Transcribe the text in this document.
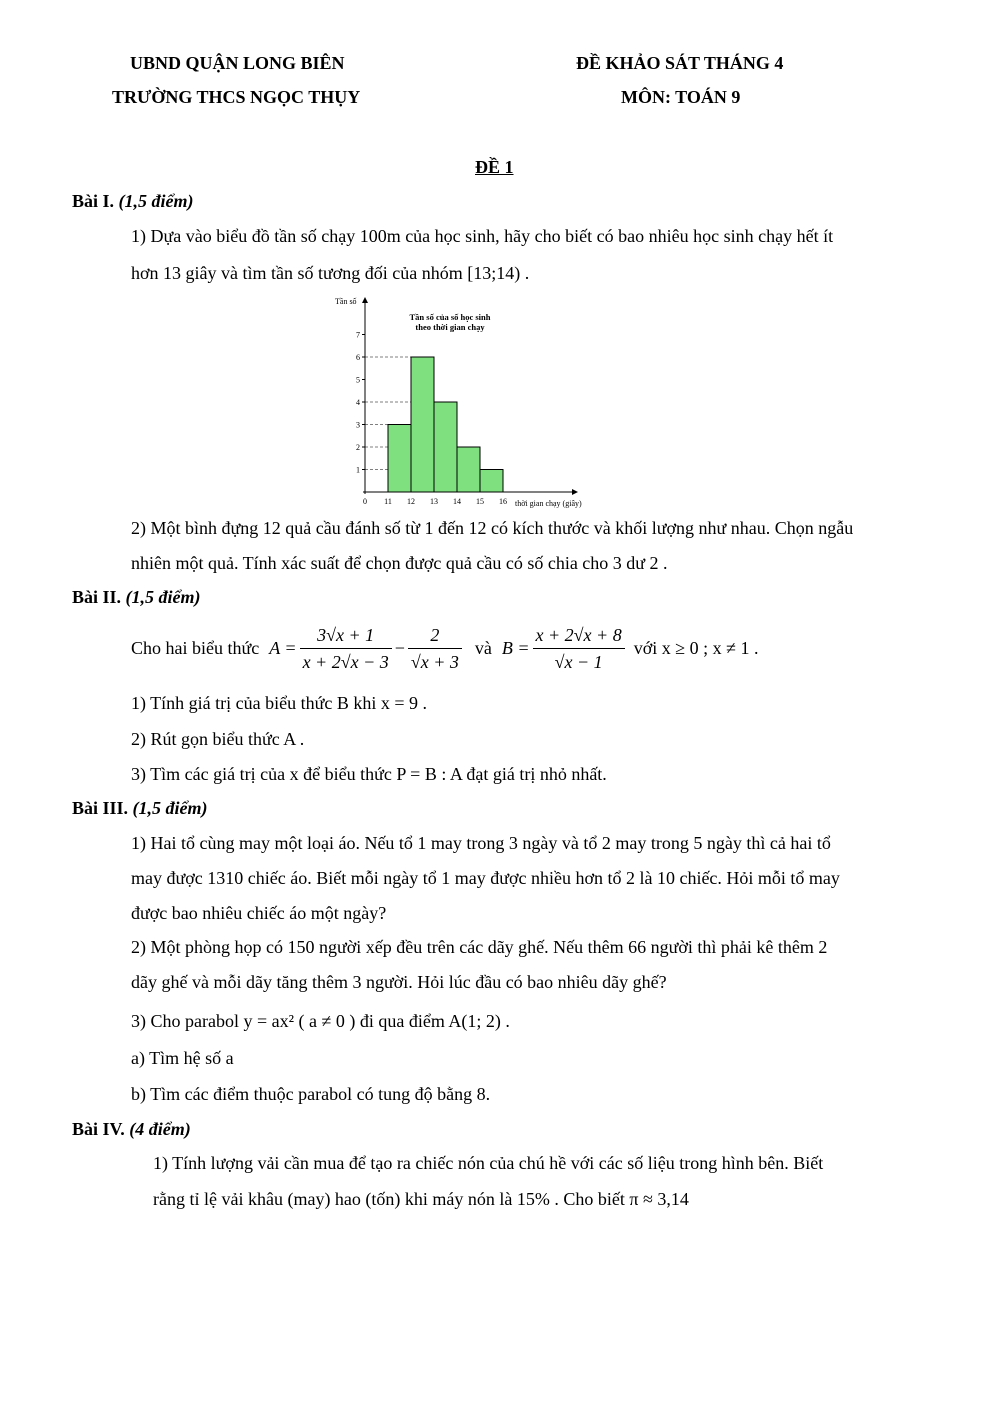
UBND QUẬN LONG BIÊN
TRƯỜNG THCS NGỌC THỤY
ĐỀ KHẢO SÁT THÁNG 4
MÔN: TOÁN 9
ĐỀ 1
Bài I. (1,5 điểm)
1) Dựa vào biểu đồ tần số chạy 100m của học sinh, hãy cho biết có bao nhiêu học sinh chạy hết ít
hơn 13 giây và tìm tần số tương đối của nhóm [13;14) .
1
2
3
4
5
6
7
0 11 12 13 14 15 16
Tần số
Tần số của số học sinh
theo thời gian chạy
thời gian chạy (giây)
2) Một bình đựng 12 quả cầu đánh số từ 1 đến 12 có kích thước và khối lượng như nhau. Chọn ngẫu
nhiên một quả. Tính xác suất để chọn được quả cầu có số chia cho 3 dư 2 .
Bài II. (1,5 điểm)
Cho hai biểu thức $A = \frac{3√x + 1}{x + 2√x - 3} - \frac{2}{√x + 3}$ và $B = \frac{x + 2√x + 8}{√x - 1}$ với x ≥ 0 ; x ≠ 1 .
1) Tính giá trị của biểu thức B khi x = 9 .
2) Rút gọn biểu thức A .
3) Tìm các giá trị của x để biểu thức P = B : A đạt giá trị nhỏ nhất.
Bài III. (1,5 điểm)
1) Hai tổ cùng may một loại áo. Nếu tổ 1 may trong 3 ngày và tổ 2 may trong 5 ngày thì cả hai tổ
may được 1310 chiếc áo. Biết mỗi ngày tổ 1 may được nhiều hơn tổ 2 là 10 chiếc. Hỏi mỗi tổ may
được bao nhiêu chiếc áo một ngày?
2) Một phòng họp có 150 người xếp đều trên các dãy ghế. Nếu thêm 66 người thì phải kê thêm 2
dãy ghế và mỗi dãy tăng thêm 3 người. Hỏi lúc đầu có bao nhiêu dãy ghế?
3) Cho parabol y = ax² ( a ≠ 0 ) đi qua điểm A(1; 2) .
a) Tìm hệ số a
b) Tìm các điểm thuộc parabol có tung độ bằng 8.
Bài IV. (4 điểm)
1) Tính lượng vải cần mua để tạo ra chiếc nón của chú hề với các số liệu trong hình bên. Biết
rằng tỉ lệ vải khâu (may) hao (tốn) khi máy nón là 15% . Cho biết π ≈ 3,14
